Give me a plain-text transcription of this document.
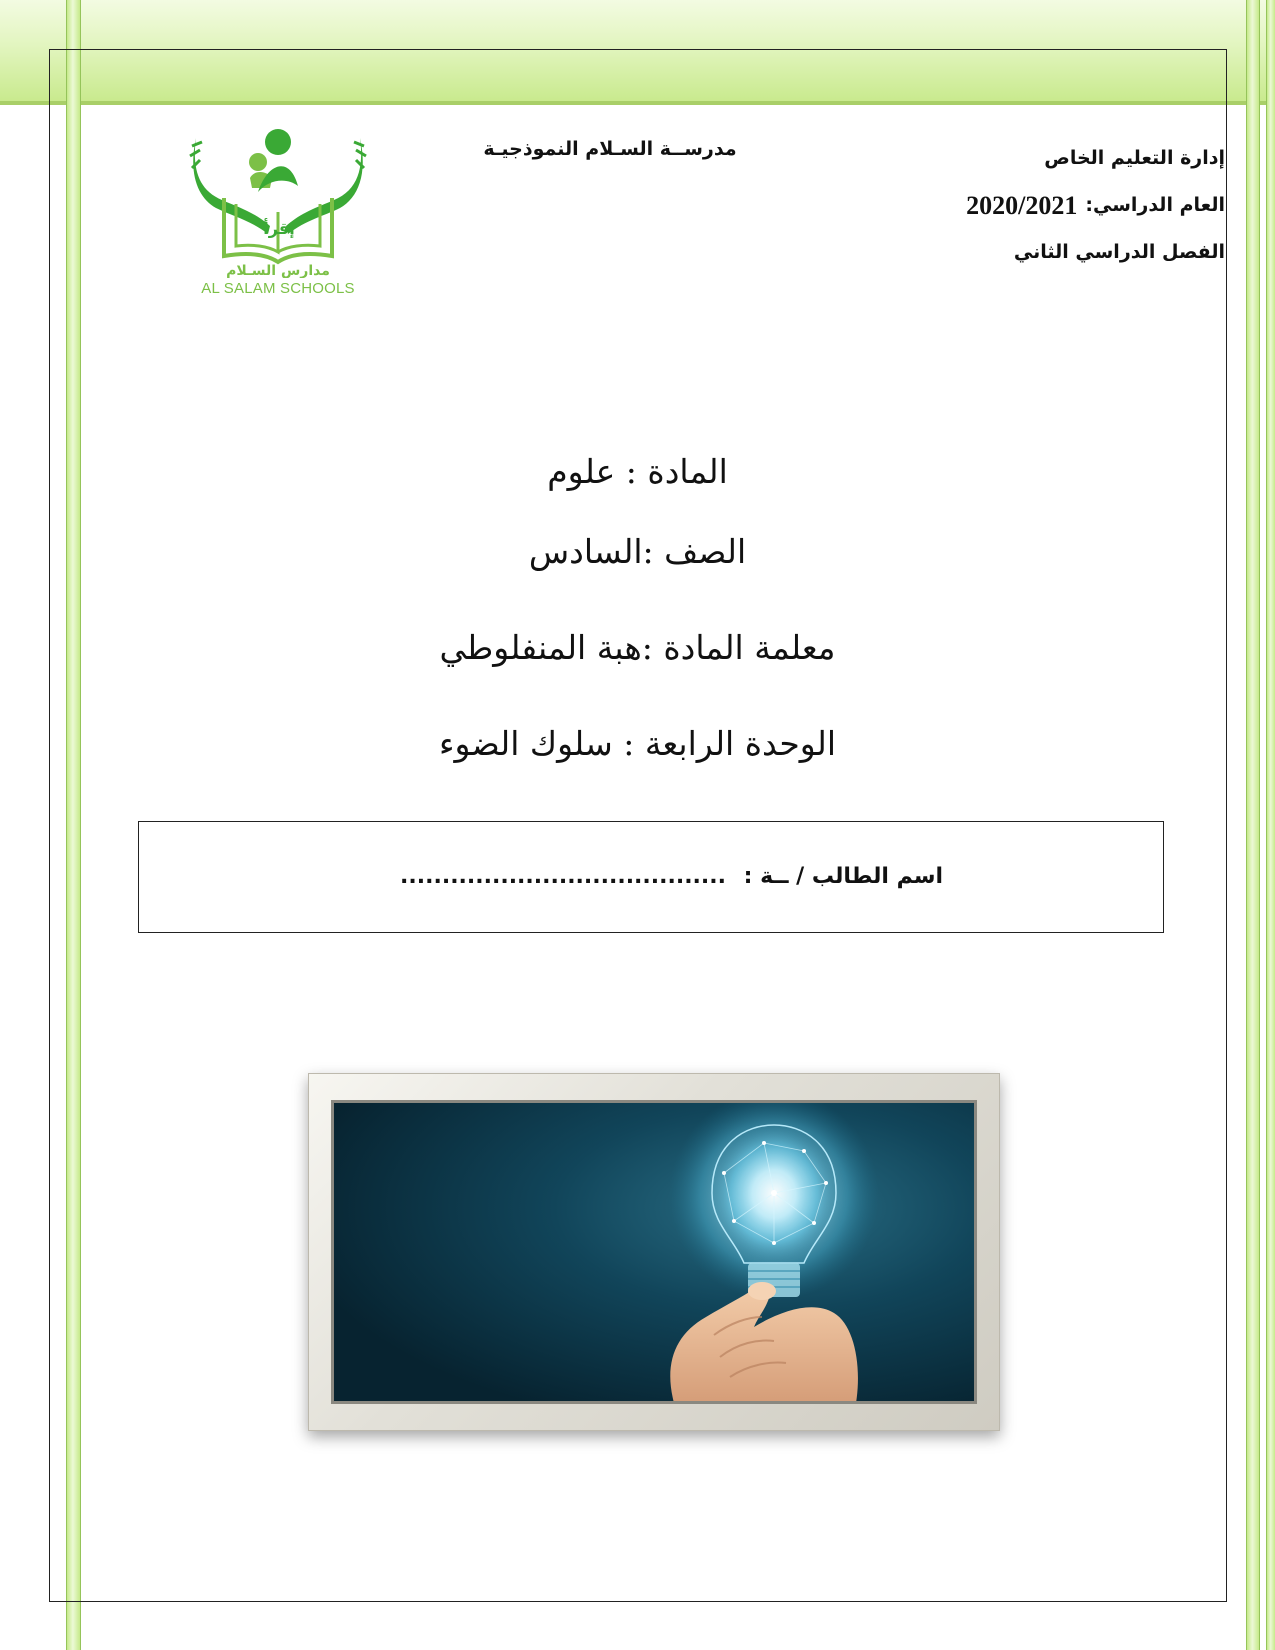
إدارة التعليم الخاص
العام الدراسي:
2020/2021
الفصل الدراسي الثاني
مدرســة السـلام النموذجيـة
إقرأ
مدارس السـلام
AL SALAM SCHOOLS
المادة : علوم
الصف :السادس
معلمة المادة :هبة المنفلوطي
الوحدة الرابعة : سلوك الضوء
اسم الطالب / ــة : .......................................
